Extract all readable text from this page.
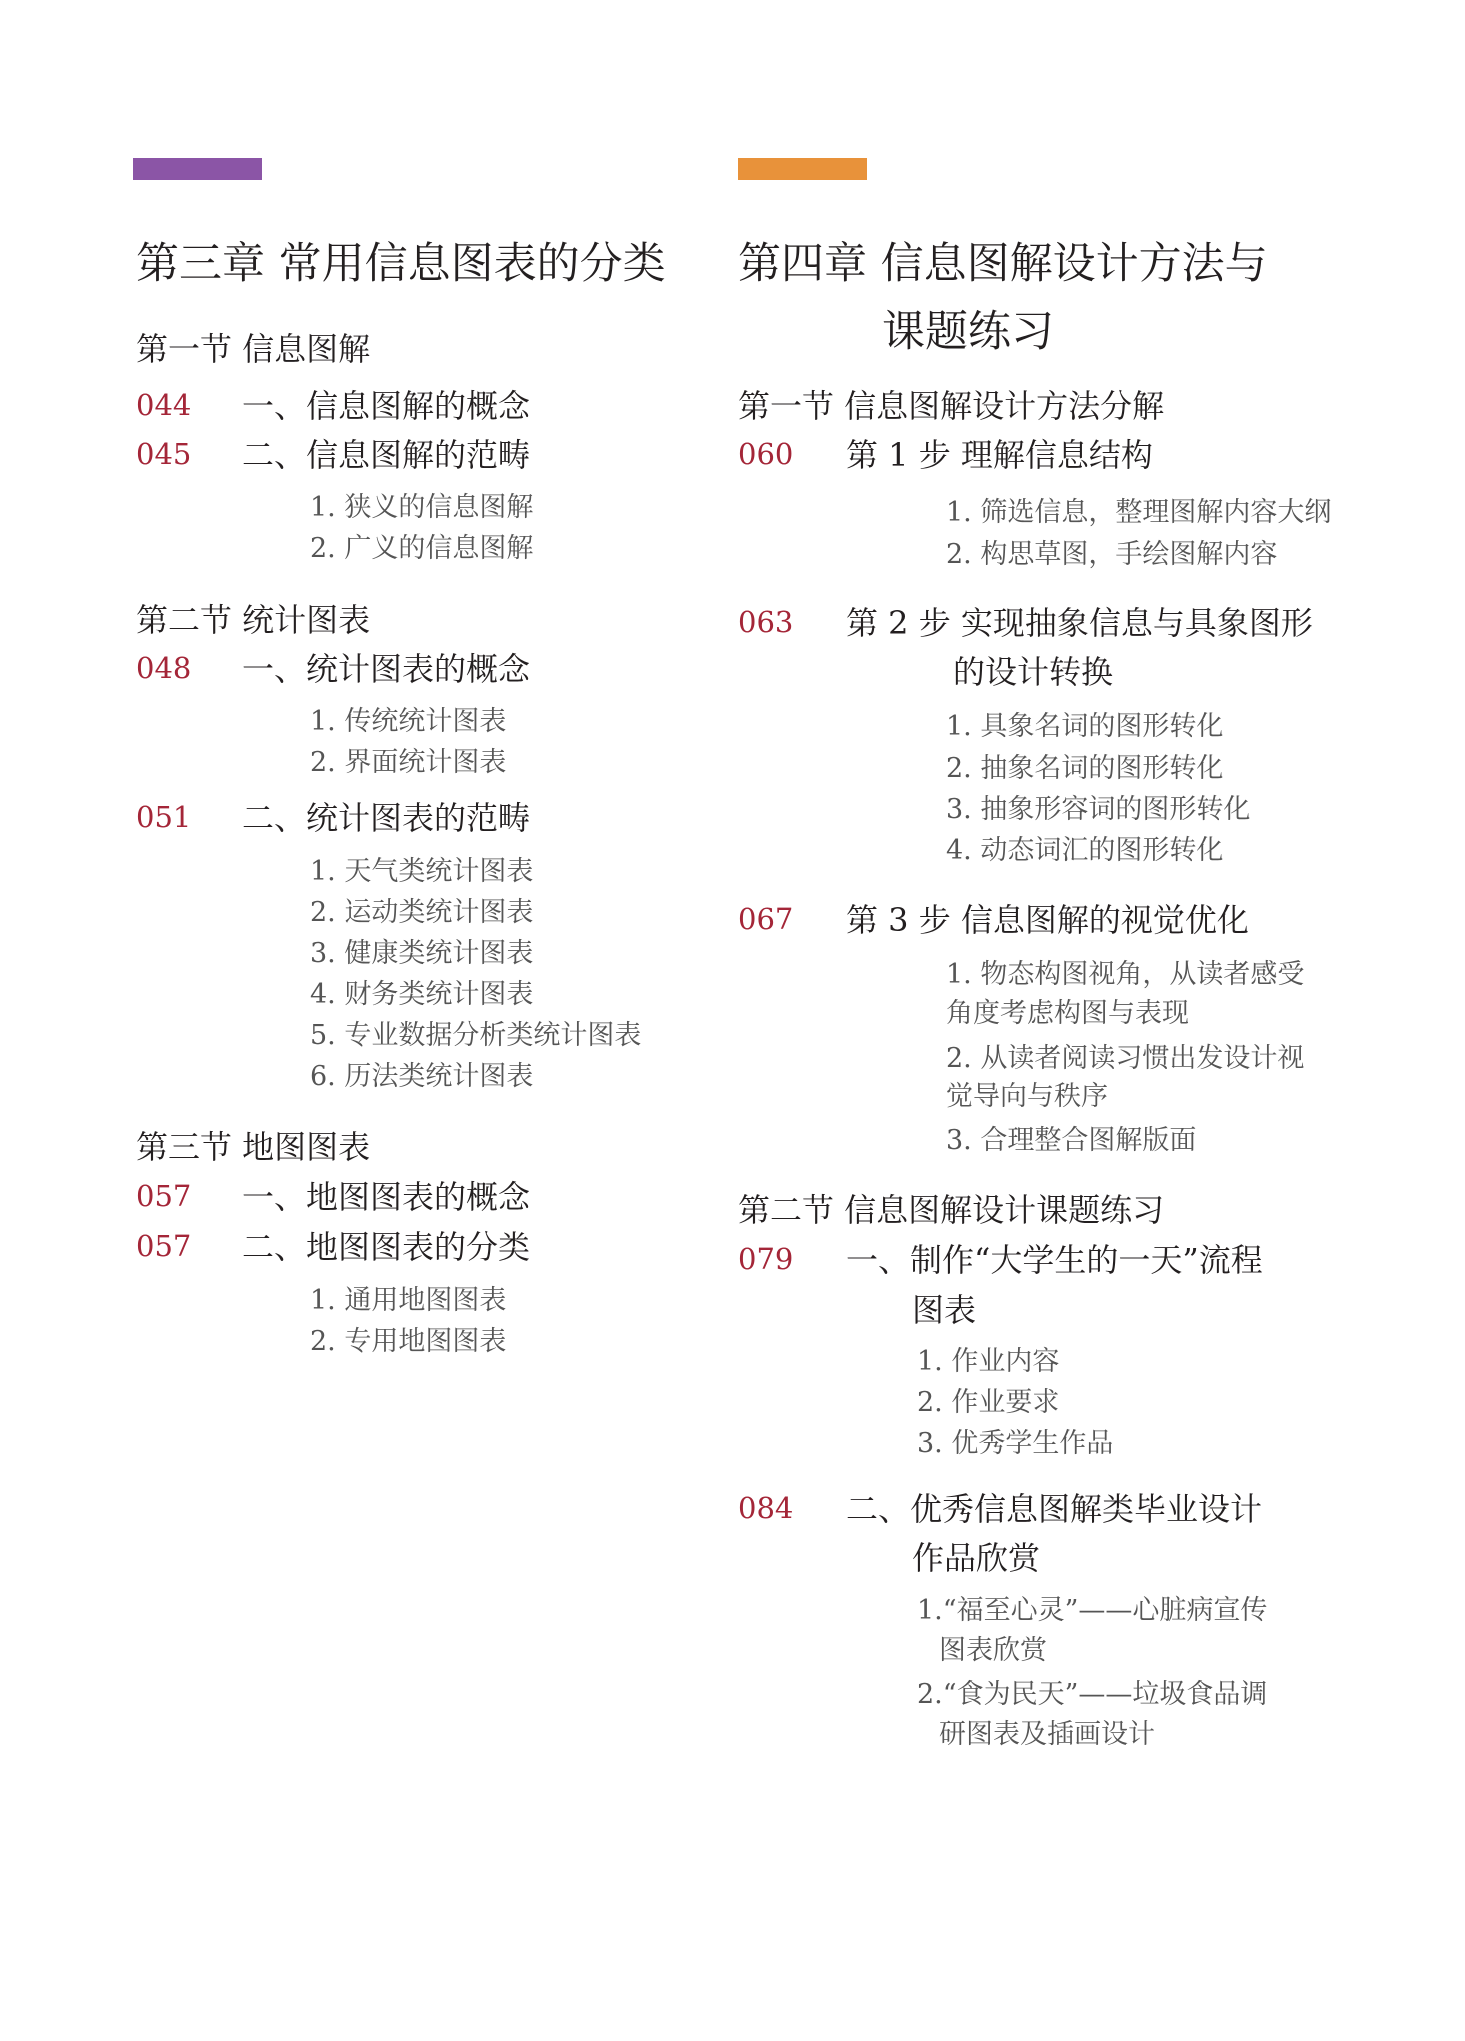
第三章 常用信息图表的分类
第一节 信息图解
044 一、信息图解的概念
045 二、信息图解的范畴
1. 狭义的信息图解
2. 广义的信息图解
第二节 统计图表
048 一、统计图表的概念
1. 传统统计图表
2. 界面统计图表
051 二、统计图表的范畴
1. 天气类统计图表
2. 运动类统计图表
3. 健康类统计图表
4. 财务类统计图表
5. 专业数据分析类统计图表
6. 历法类统计图表
第三节 地图图表
057 一、地图图表的概念
057 二、地图图表的分类
1. 通用地图图表
2. 专用地图图表
第四章 信息图解设计方法与
课题练习
第一节 信息图解设计方法分解
060 第 1 步 理解信息结构
1. 筛选信息，整理图解内容大纲
2. 构思草图，手绘图解内容
063 第 2 步 实现抽象信息与具象图形
的设计转换
1. 具象名词的图形转化
2. 抽象名词的图形转化
3. 抽象形容词的图形转化
4. 动态词汇的图形转化
067 第 3 步 信息图解的视觉优化
1. 物态构图视角，从读者感受
角度考虑构图与表现
2. 从读者阅读习惯出发设计视
觉导向与秩序
3. 合理整合图解版面
第二节 信息图解设计课题练习
079 一、制作“大学生的一天”流程
图表
1. 作业内容
2. 作业要求
3. 优秀学生作品
084 二、优秀信息图解类毕业设计
作品欣赏
1.“福至心灵”——心脏病宣传
图表欣赏
2.“食为民天”——垃圾食品调
研图表及插画设计
